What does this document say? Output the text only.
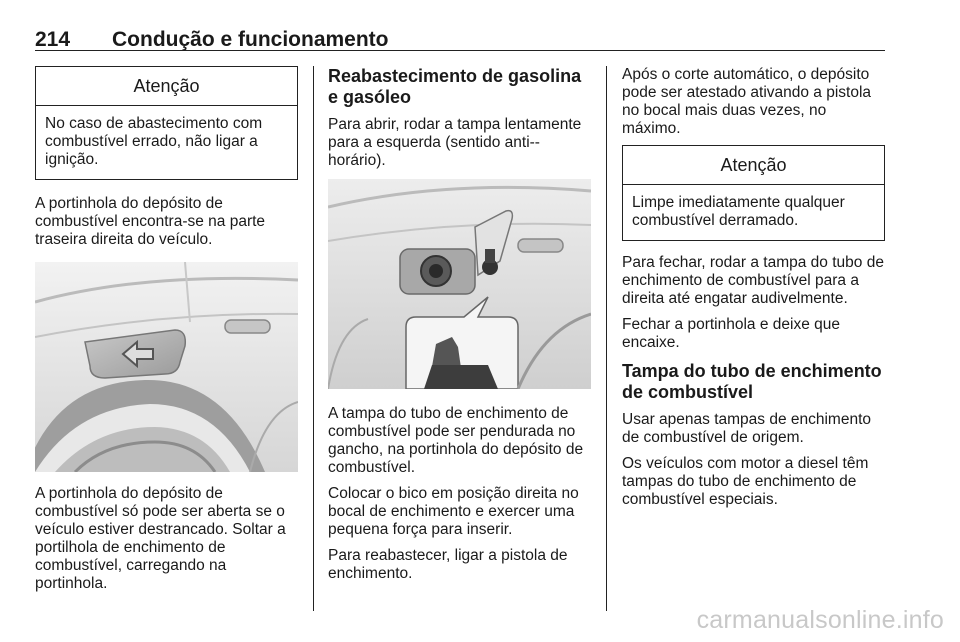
214 Condução e funcionamento
Atenção
No caso de abastecimento com combustível errado, não ligar a ignição.

A portinhola do depósito de combustível encontra-se na parte traseira direita do veículo.

A portinhola do depósito de combustível só pode ser aberta se o veículo estiver destrancado. Soltar a portilhola de enchimento de combustível, carregando na portinhola.

Reabastecimento de gasolina e gasóleo

Para abrir, rodar a tampa lentamente para a esquerda (sentido anti--horário).

A tampa do tubo de enchimento de combustível pode ser pendurada no gancho, na portinhola do depósito de combustível.

Colocar o bico em posição direita no bocal de enchimento e exercer uma pequena força para inserir.

Para reabastecer, ligar a pistola de enchimento.

Após o corte automático, o depósito pode ser atestado ativando a pistola no bocal mais duas vezes, no máximo.

Atenção
Limpe imediatamente qualquer combustível derramado.

Para fechar, rodar a tampa do tubo de enchimento de combustível para a direita até engatar audivelmente.

Fechar a portinhola e deixe que encaixe.

Tampa do tubo de enchimento de combustível

Usar apenas tampas de enchimento de combustível de origem.

Os veículos com motor a diesel têm tampas do tubo de enchimento de combustível especiais.

carmanualsonline.info
